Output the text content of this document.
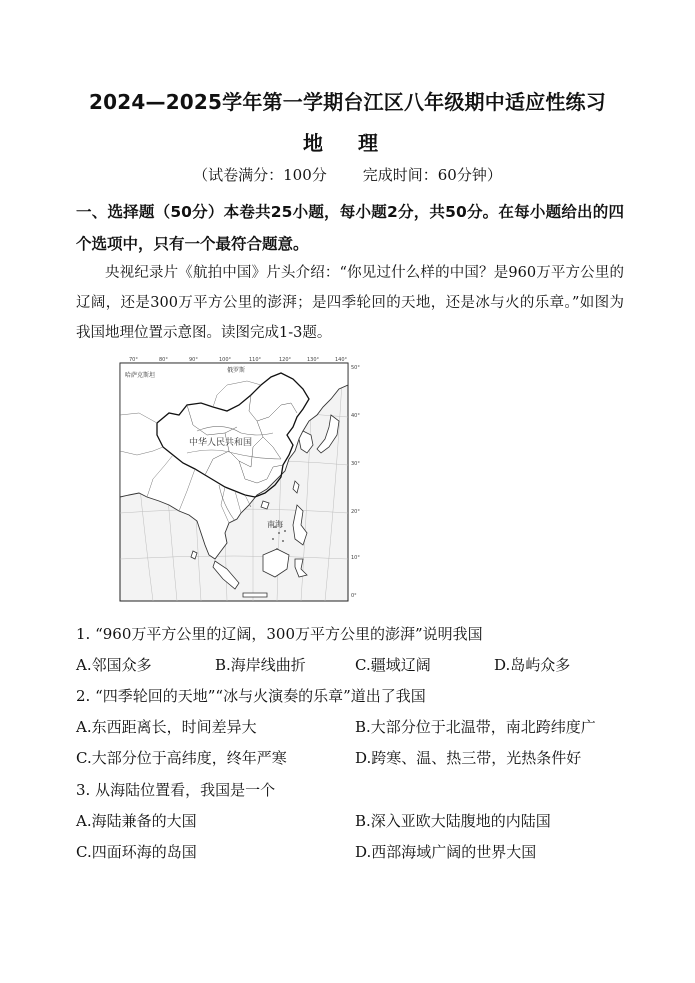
2024—2025学年第一学期台江区八年级期中适应性练习
地 理
（试卷满分：100分 完成时间：60分钟）
一、选择题（50分）本卷共25小题，每小题2分，共50分。在每小题给出的四个选项中，只有一个最符合题意。
央视纪录片《航拍中国》片头介绍：“你见过什么样的中国？是960万平方公里的辽阔，还是300万平方公里的澎湃；是四季轮回的天地，还是冰与火的乐章。”如图为我国地理位置示意图。读图完成1-3题。
70°	80°	90°	100°	110°	120°	130°	140°
50°
40°
30°
20°
10°
0°
哈萨克斯坦
俄罗斯
中华人民共和国
南海
1. “960万平方公里的辽阔，300万平方公里的澎湃”说明我国
A.邻国众多	B.海岸线曲折	C.疆域辽阔	D.岛屿众多
2. “四季轮回的天地”“冰与火演奏的乐章”道出了我国
A.东西距离长，时间差异大	B.大部分位于北温带，南北跨纬度广
C.大部分位于高纬度，终年严寒	D.跨寒、温、热三带，光热条件好
3. 从海陆位置看，我国是一个
A.海陆兼备的大国	B.深入亚欧大陆腹地的内陆国
C.四面环海的岛国	D.西部海域广阔的世界大国
